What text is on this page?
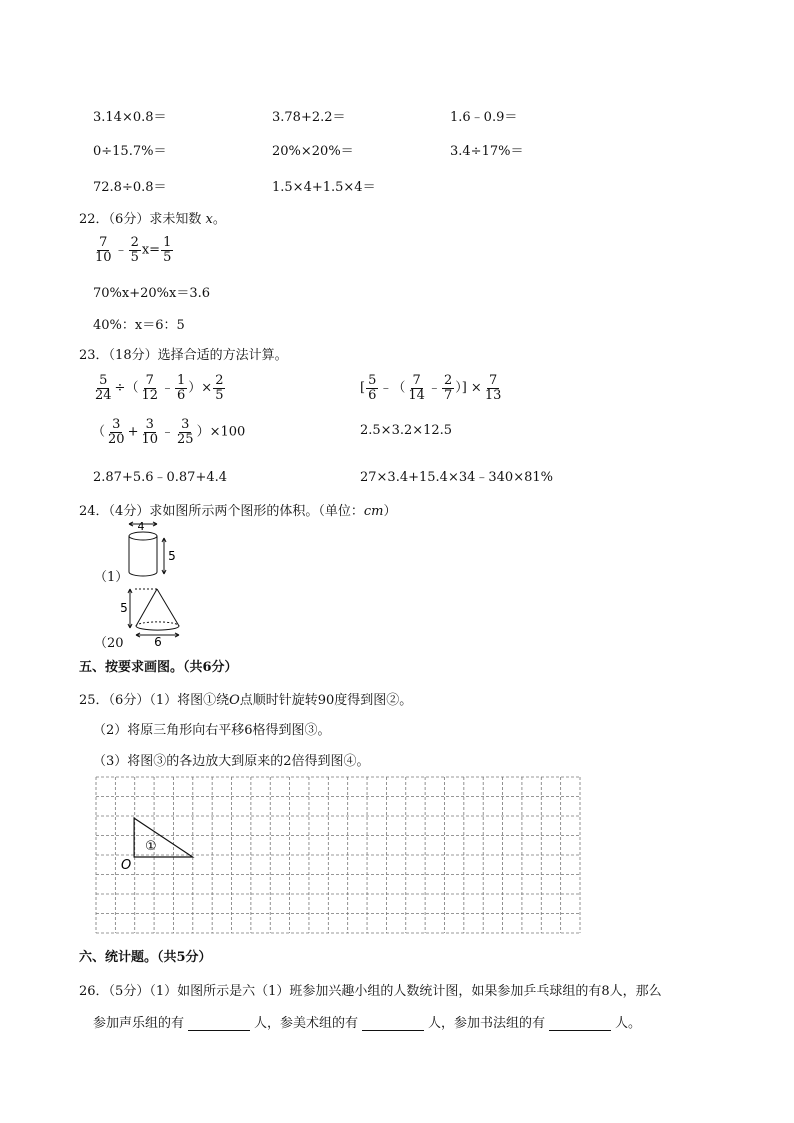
3.14×0.8＝	3.78+2.2＝	1.6﹣0.9＝
0÷15.7%＝	20%×20%＝	3.4÷17%＝
72.8÷0.8＝	1.5×4+1.5×4＝
22．（6分）求未知数 x。
$\frac{7}{10}$ ﹣ $\frac{2}{5} x= \frac{1}{5}$
70%x+20%x＝3.6
40%：x＝6：5
23．（18分）选择合适的方法计算。
$\frac{5}{24}$ ÷（ $\frac{7}{12}$ ﹣ $\frac{1}{6}$ ）× $\frac{2}{5}$	[ $\frac{5}{6}$ ﹣（ $\frac{7}{14}$ ﹣ $\frac{2}{7}$ ）] × $\frac{7}{13}$
（ $\frac{3}{20} + \frac{3}{10}$ ﹣ $\frac{3}{25} )\times 100$	2.5×3.2×12.5
2.87+5.6﹣0.87+4.4	27×3.4+15.4×34﹣340×81%
24．（4分）求如图所示两个图形的体积。（单位：cm）
（1）
4
5
（20
5
6
五、按要求画图。（共6分）
25．（6分）（1）将图①绕O点顺时针旋转90度得到图②。
（2）将原三角形向右平移6格得到图③。
（3）将图③的各边放大到原来的2倍得到图④。
①
O
六、统计题。（共5分）
26．（5分）（1）如图所示是六（1）班参加兴趣小组的人数统计图，如果参加乒乓球组的有8人，那么
参加声乐组的有	人，参美术组的有	人，参加书法组的有	人。
